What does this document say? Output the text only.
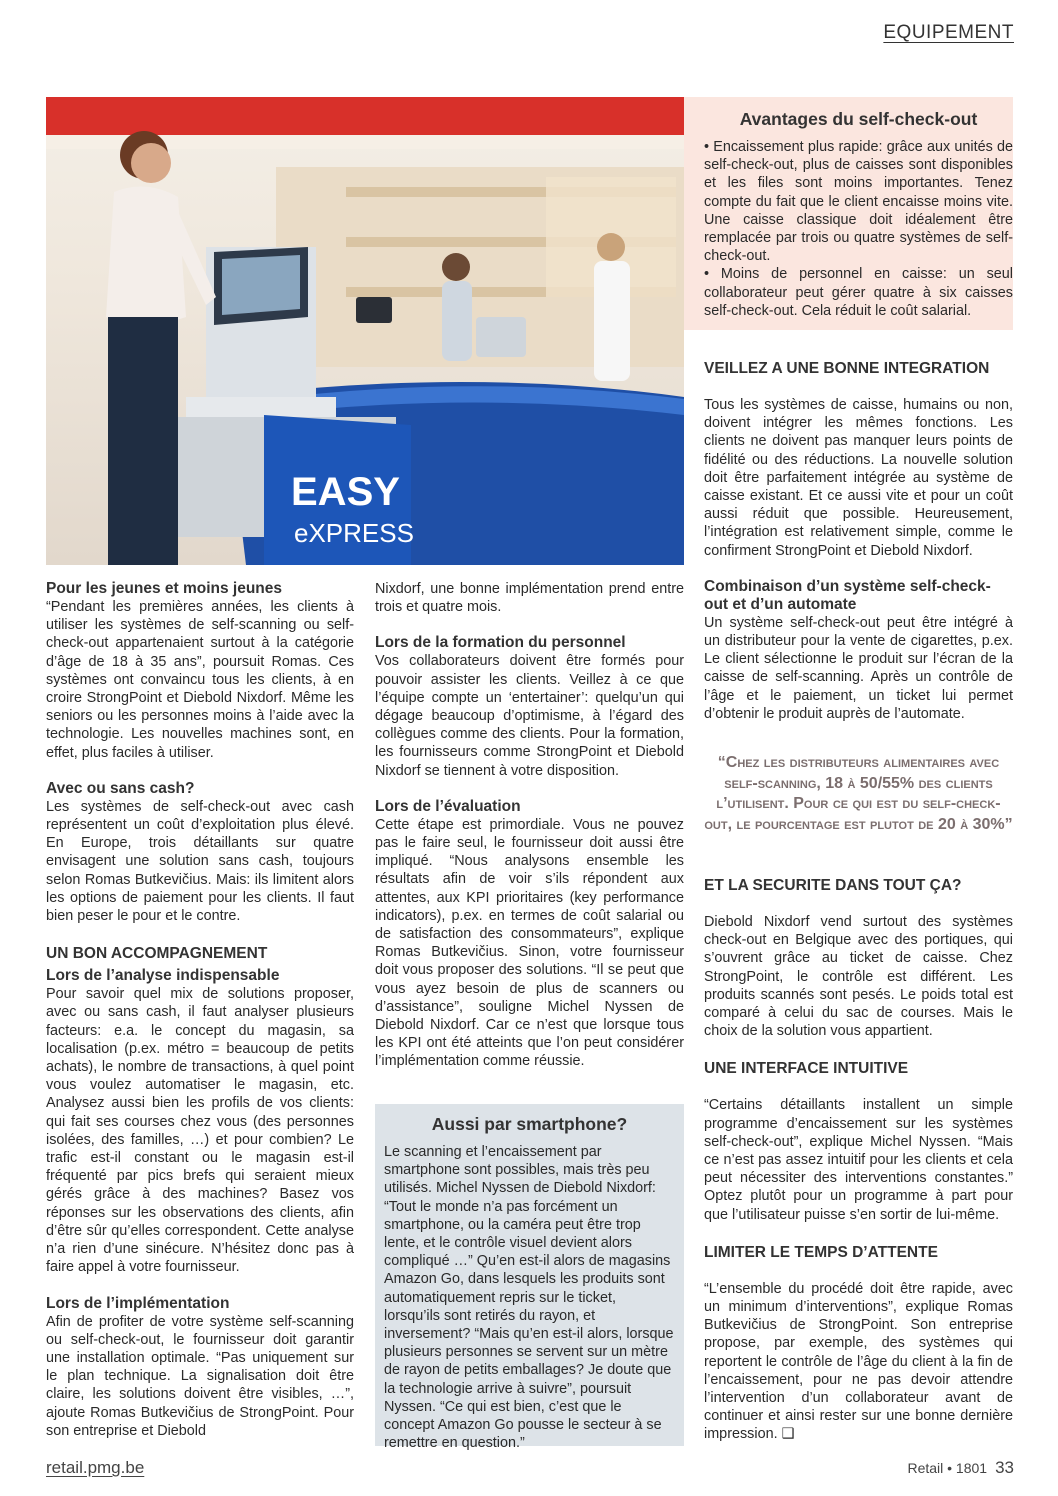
EQUIPEMENT
EASY
eXPRESS
Avantages du self-check-out

• Encaissement plus rapide: grâce aux unités de self-check-out, plus de caisses sont disponibles et les files sont moins importantes. Tenez compte du fait que le client encaisse moins vite. Une caisse classique doit idéalement être remplacée par trois ou quatre systèmes de self-check-out.

• Moins de personnel en caisse: un seul collaborateur peut gérer quatre à six caisses self-check-out. Cela réduit le coût salarial.

Pour les jeunes et moins jeunes

“Pendant les premières années, les clients à utiliser les systèmes de self-scanning ou self-check-out appartenaient surtout à la catégorie d’âge de 18 à 35 ans”, poursuit Romas. Ces systèmes ont convaincu tous les clients, à en croire StrongPoint et Diebold Nixdorf. Même les seniors ou les personnes moins à l’aide avec la technologie. Les nouvelles machines sont, en effet, plus faciles à utiliser.

Avec ou sans cash?

Les systèmes de self-check-out avec cash représentent un coût d’exploitation plus élevé. En Europe, trois détaillants sur quatre envisagent une solution sans cash, toujours selon Romas Butkevičius. Mais: ils limitent alors les options de paiement pour les clients. Il faut bien peser le pour et le contre.

UN BON ACCOMPAGNEMENT
Lors de l’analyse indispensable

Pour savoir quel mix de solutions proposer, avec ou sans cash, il faut analyser plusieurs facteurs: e.a. le concept du magasin, sa localisation (p.ex. métro = beaucoup de petits achats), le nombre de transactions, à quel point vous voulez automatiser le magasin, etc. Analysez aussi bien les profils de vos clients: qui fait ses courses chez vous (des personnes isolées, des familles, …) et pour combien? Le trafic est-il constant ou le magasin est-il fréquenté par pics brefs qui seraient mieux gérés grâce à des machines? Basez vos réponses sur les observations des clients, afin d’être sûr qu’elles correspondent. Cette analyse n’a rien d’une sinécure. N’hésitez donc pas à faire appel à votre fournisseur.

Lors de l’implémentation

Afin de profiter de votre système self-scanning ou self-check-out, le fournisseur doit garantir une installation optimale. “Pas uniquement sur le plan technique. La signalisation doit être claire, les solutions doivent être visibles, …”, ajoute Romas Butkevičius de StrongPoint. Pour son entreprise et Diebold

Nixdorf, une bonne implémentation prend entre trois et quatre mois.

Lors de la formation du personnel

Vos collaborateurs doivent être formés pour pouvoir assister les clients. Veillez à ce que l’équipe compte un ‘entertainer’: quelqu’un qui dégage beaucoup d’optimisme, à l’égard des collègues comme des clients. Pour la formation, les fournisseurs comme StrongPoint et Diebold Nixdorf se tiennent à votre disposition.

Lors de l’évaluation

Cette étape est primordiale. Vous ne pouvez pas le faire seul, le fournisseur doit aussi être impliqué. “Nous analysons ensemble les résultats afin de voir s’ils répondent aux attentes, aux KPI prioritaires (key performance indicators), p.ex. en termes de coût salarial ou de satisfaction des consommateurs”, explique Romas Butkevičius. Sinon, votre fournisseur doit vous proposer des solutions. “Il se peut que vous ayez besoin de plus de scanners ou d’assistance”, souligne Michel Nyssen de Diebold Nixdorf. Car ce n’est que lorsque tous les KPI ont été atteints que l’on peut considérer l’implémentation comme réussie.

Aussi par smartphone?

Le scanning et l’encaissement par smartphone sont possibles, mais très peu utilisés. Michel Nyssen de Diebold Nixdorf: “Tout le monde n’a pas forcément un smartphone, ou la caméra peut être trop lente, et le contrôle visuel devient alors compliqué …” Qu’en est-il alors de magasins Amazon Go, dans lesquels les produits sont automatiquement repris sur le ticket, lorsqu’ils sont retirés du rayon, et inversement? “Mais qu’en est-il alors, lorsque plusieurs personnes se servent sur un mètre de rayon de petits emballages? Je doute que la technologie arrive à suivre”, poursuit Nyssen. “Ce qui est bien, c’est que le concept Amazon Go pousse le secteur à se remettre en question.”

VEILLEZ A UNE BONNE INTEGRATION

Tous les systèmes de caisse, humains ou non, doivent intégrer les mêmes fonctions. Les clients ne doivent pas manquer leurs points de fidélité ou des réductions. La nouvelle solution doit être parfaitement intégrée au système de caisse existant. Et ce aussi vite et pour un coût aussi réduit que possible. Heureusement, l’intégration est relativement simple, comme le confirment StrongPoint et Diebold Nixdorf.

Combinaison d’un système self-check-out et d’un automate

Un système self-check-out peut être intégré à un distributeur pour la vente de cigarettes, p.ex. Le client sélectionne le produit sur l’écran de la caisse de self-scanning. Après un contrôle de l’âge et le paiement, un ticket lui permet d’obtenir le produit auprès de l’automate.

“Chez les distributeurs alimentaires avec self-scanning, 18 à 50/55% des clients l’utilisent. Pour ce qui est du self-check-out, le pourcentage est plutot de 20 à 30%”
ET LA SECURITE DANS TOUT ÇA?

Diebold Nixdorf vend surtout des systèmes check-out en Belgique avec des portiques, qui s’ouvrent grâce au ticket de caisse. Chez StrongPoint, le contrôle est différent. Les produits scannés sont pesés. Le poids total est comparé à celui du sac de courses. Mais le choix de la solution vous appartient.

UNE INTERFACE INTUITIVE

“Certains détaillants installent un simple programme d’encaissement sur les systèmes self-check-out”, explique Michel Nyssen. “Mais ce n’est pas assez intuitif pour les clients et cela peut nécessiter des interventions constantes.” Optez plutôt pour un programme à part pour que l’utilisateur puisse s’en sortir de lui-même.

LIMITER LE TEMPS D’ATTENTE

“L’ensemble du procédé doit être rapide, avec un minimum d’interventions”, explique Romas Butkevičius de StrongPoint. Son entreprise propose, par exemple, des systèmes qui reportent le contrôle de l’âge du client à la fin de l’encaissement, pour ne pas devoir attendre l’intervention d’un collaborateur avant de continuer et ainsi rester sur une bonne dernière impression. ❑

retail.pmg.be	Retail • 1801 33
